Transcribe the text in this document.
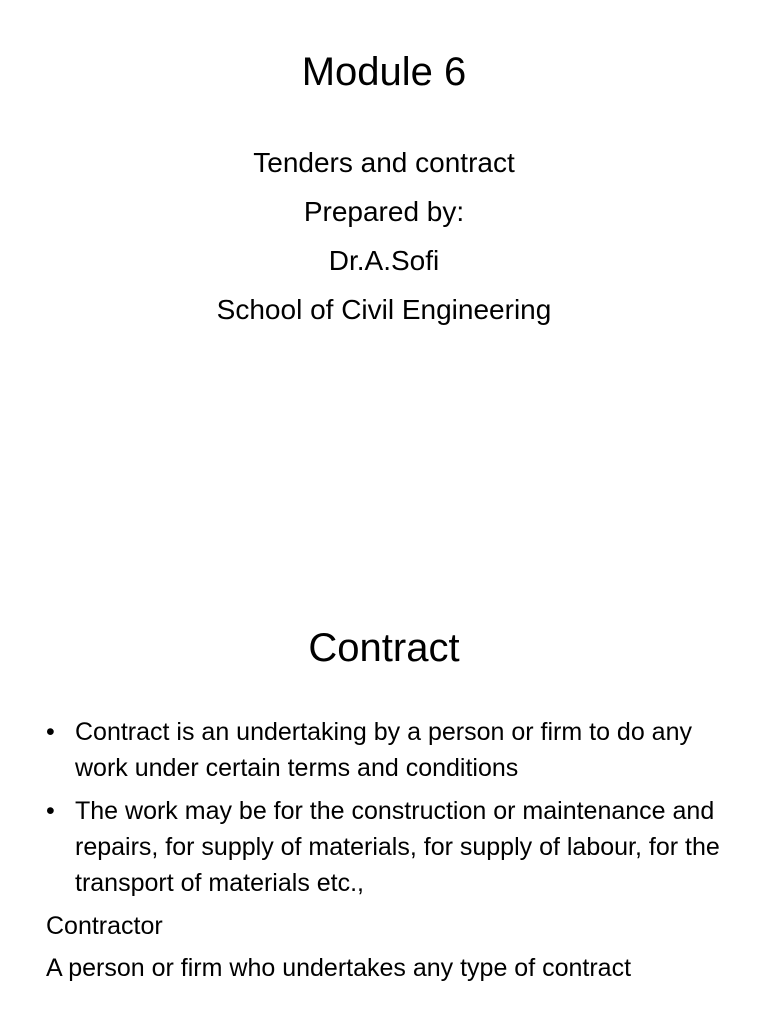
Module 6
Tenders and contract
Prepared by:
Dr.A.Sofi
School of Civil Engineering
Contract
• Contract is an undertaking by a person or firm to do any work under certain terms and conditions
• The work may be for the construction or maintenance and repairs, for supply of materials, for supply of labour, for the transport of materials etc.,
Contractor
A person or firm who undertakes any type of contract
